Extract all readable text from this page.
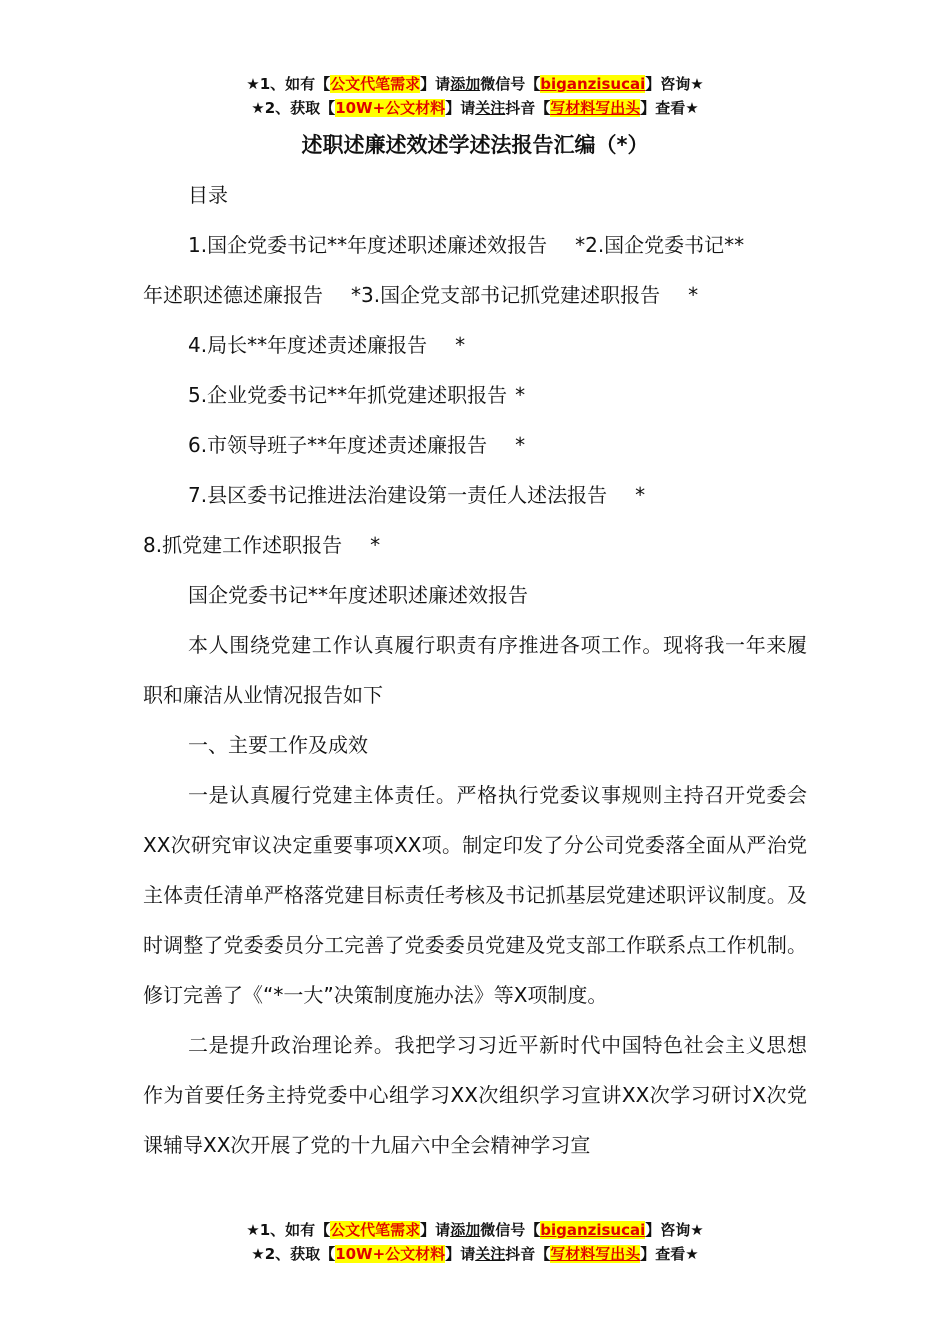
★1、如有【公文代笔需求】请添加微信号【biganzisucai】咨询★
★2、获取【10W+公文材料】请关注抖音【写材料写出头】查看★
述职述廉述效述学述法报告汇编（*）

目录

1.国企党委书记**年度述职述廉述效报告 *2.国企党委书记**

年述职述德述廉报告 *3.国企党支部书记抓党建述职报告 *

4.局长**年度述责述廉报告 *

5.企业党委书记**年抓党建述职报告 *

6.市领导班子**年度述责述廉报告 *

7.县区委书记推进法治建设第一责任人述法报告 *

8.抓党建工作述职报告 *

国企党委书记**年度述职述廉述效报告

本人围绕党建工作认真履行职责有序推进各项工作。现将我一年来履职和廉洁从业情况报告如下

一、主要工作及成效

一是认真履行党建主体责任。严格执行党委议事规则主持召开党委会XX次研究审议决定重要事项XX项。制定印发了分公司党委落全面从严治党主体责任清单严格落党建目标责任考核及书记抓基层党建述职评议制度。及时调整了党委委员分工完善了党委委员党建及党支部工作联系点工作机制。修订完善了《“*一大”决策制度施办法》等X项制度。

二是提升政治理论养。我把学习习近平新时代中国特色社会主义思想作为首要任务主持党委中心组学习XX次组织学习宣讲XX次学习研讨X次党课辅导XX次开展了党的十九届六中全会精神学习宣

★1、如有【公文代笔需求】请添加微信号【biganzisucai】咨询★
★2、获取【10W+公文材料】请关注抖音【写材料写出头】查看★
